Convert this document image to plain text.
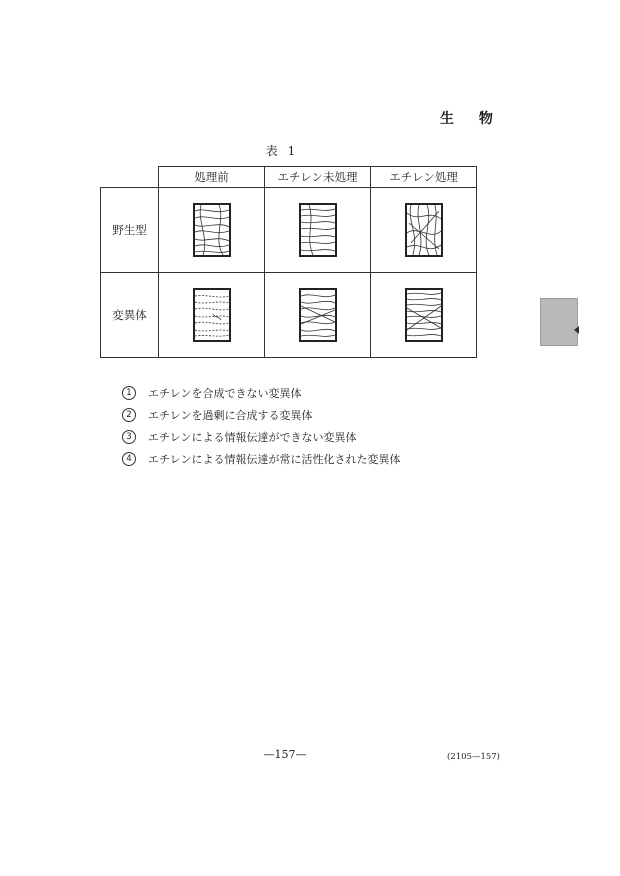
生 物
表 1
	処理前	エチレン未処理	エチレン処理
野生型	

変異体	

1	エチレンを合成できない変異体
2	エチレンを過剰に合成する変異体
3	エチレンによる情報伝達ができない変異体
4	エチレンによる情報伝達が常に活性化された変異体
—157—	(2105—157)
